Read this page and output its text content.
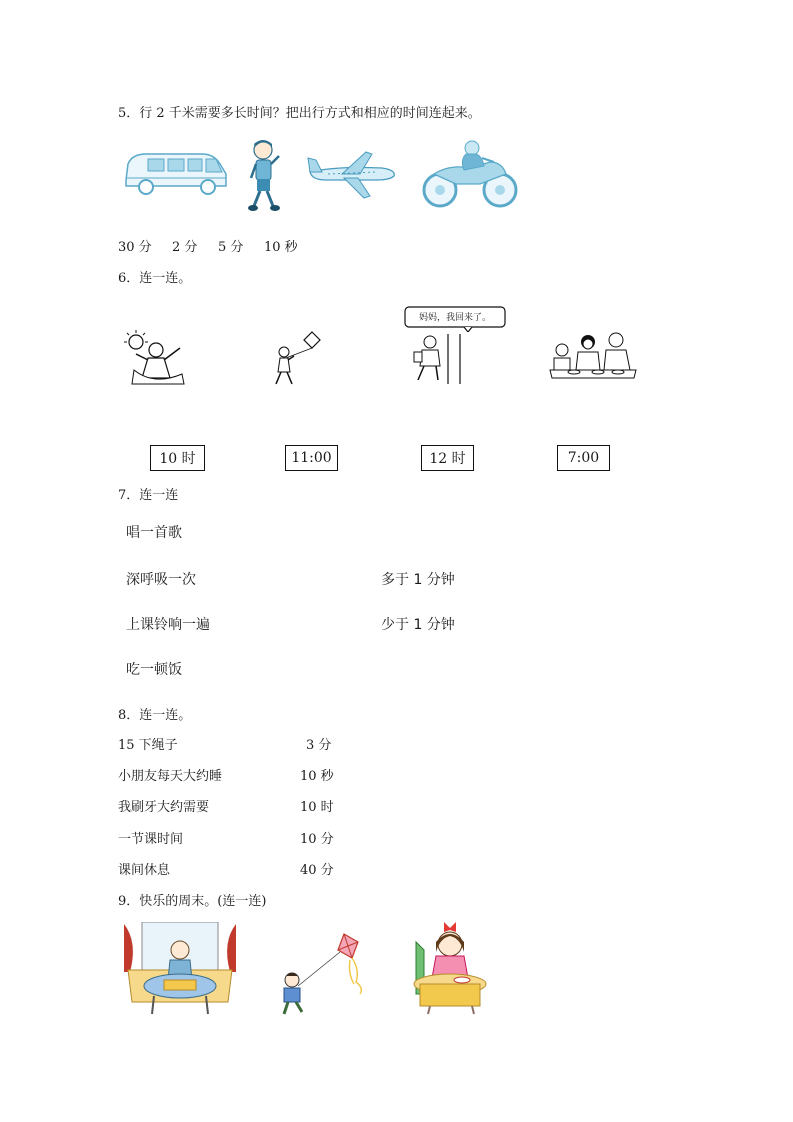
5．行 2 千米需要多长时间？把出行方式和相应的时间连起来。
30 分 2 分 5 分 10 秒
6．连一连。
妈妈，我回来了。
10 时	11:00	12 时	7:00
7．连一连
唱一首歌
深呼吸一次
上课铃响一遍
吃一顿饭
多于 1 分钟
少于 1 分钟
8．连一连。
15 下绳子
小朋友每天大约睡
我刷牙大约需要
一节课时间
课间休息
3 分
10 秒
10 时
10 分
40 分
9．快乐的周末。(连一连)
